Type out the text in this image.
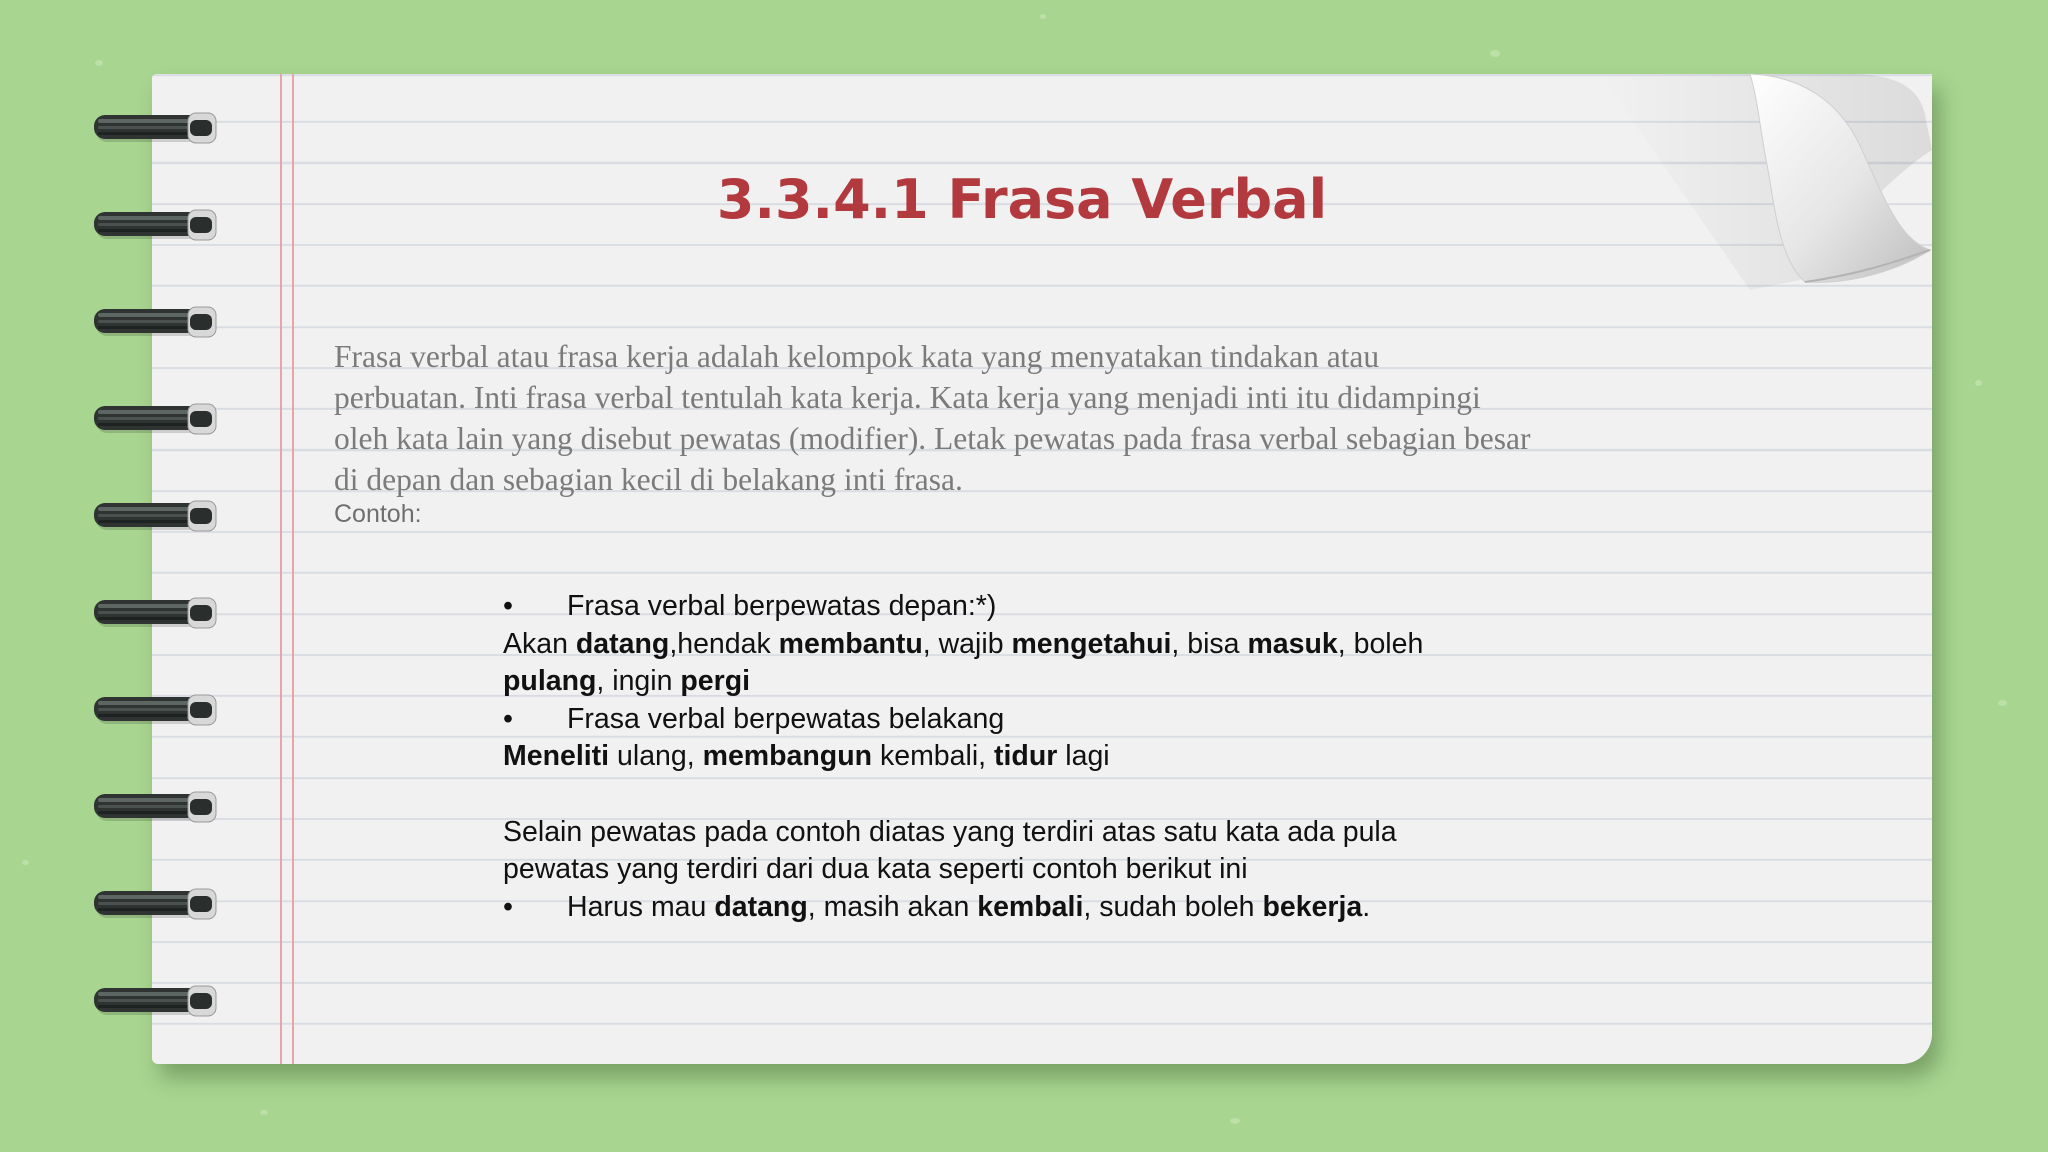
3.3.4.1 Frasa Verbal

Frasa verbal atau frasa kerja adalah kelompok kata yang menyatakan tindakan atau
perbuatan. Inti frasa verbal tentulah kata kerja. Kata kerja yang menjadi inti itu didampingi
oleh kata lain yang disebut pewatas (modifier). Letak pewatas pada frasa verbal sebagian besar
di depan dan sebagian kecil di belakang inti frasa.

Contoh:

• Frasa verbal berpewatas depan:*)
Akan datang,hendak membantu, wajib mengetahui, bisa masuk, boleh
pulang, ingin pergi
• Frasa verbal berpewatas belakang
Meneliti ulang, membangun kembali, tidur lagi
Selain pewatas pada contoh diatas yang terdiri atas satu kata ada pula
pewatas yang terdiri dari dua kata seperti contoh berikut ini
• Harus mau datang, masih akan kembali, sudah boleh bekerja.
